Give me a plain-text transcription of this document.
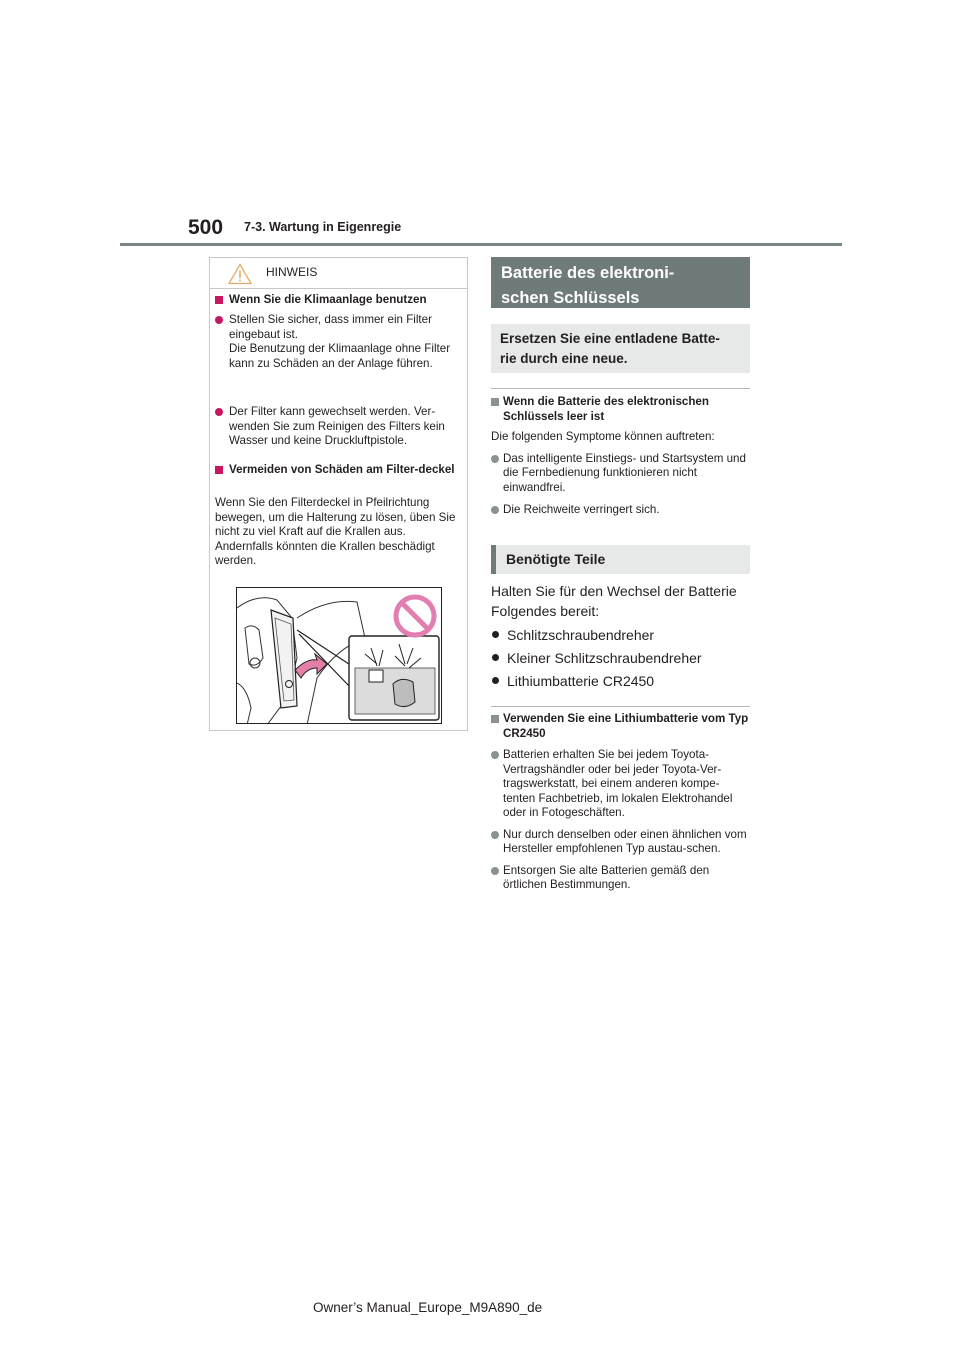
500 7-3. Wartung in Eigenregie
HINWEIS
Wenn Sie die Klimaanlage benutzen
Stellen Sie sicher, dass immer ein Filter eingebaut ist.
Die Benutzung der Klimaanlage ohne Filter kann zu Schäden an der Anlage führen.
Der Filter kann gewechselt werden. Ver-wenden Sie zum Reinigen des Filters kein Wasser und keine Druckluftpistole.
Vermeiden von Schäden am Filter-deckel
Wenn Sie den Filterdeckel in Pfeilrichtung bewegen, um die Halterung zu lösen, üben Sie nicht zu viel Kraft auf die Krallen aus. Andernfalls könnten die Krallen beschädigt werden.
Batterie des elektroni-
schen Schlüssels
Ersetzen Sie eine entladene Batte-
rie durch eine neue.
Wenn die Batterie des elektronischen Schlüssels leer ist
Die folgenden Symptome können auftreten:
Das intelligente Einstiegs- und Startsystem und die Fernbedienung funktionieren nicht einwandfrei.
Die Reichweite verringert sich.
Benötigte Teile
Halten Sie für den Wechsel der Batterie Folgendes bereit:
Schlitzschraubendreher
Kleiner Schlitzschraubendreher
Lithiumbatterie CR2450
Verwenden Sie eine Lithiumbatterie vom Typ CR2450
Batterien erhalten Sie bei jedem Toyota-Vertragshändler oder bei jeder Toyota-Ver-tragswerkstatt, bei einem anderen kompe-tenten Fachbetrieb, im lokalen Elektrohandel oder in Fotogeschäften.
Nur durch denselben oder einen ähnlichen vom Hersteller empfohlenen Typ austau-schen.
Entsorgen Sie alte Batterien gemäß den örtlichen Bestimmungen.
Owner’s Manual_Europe_M9A890_de
